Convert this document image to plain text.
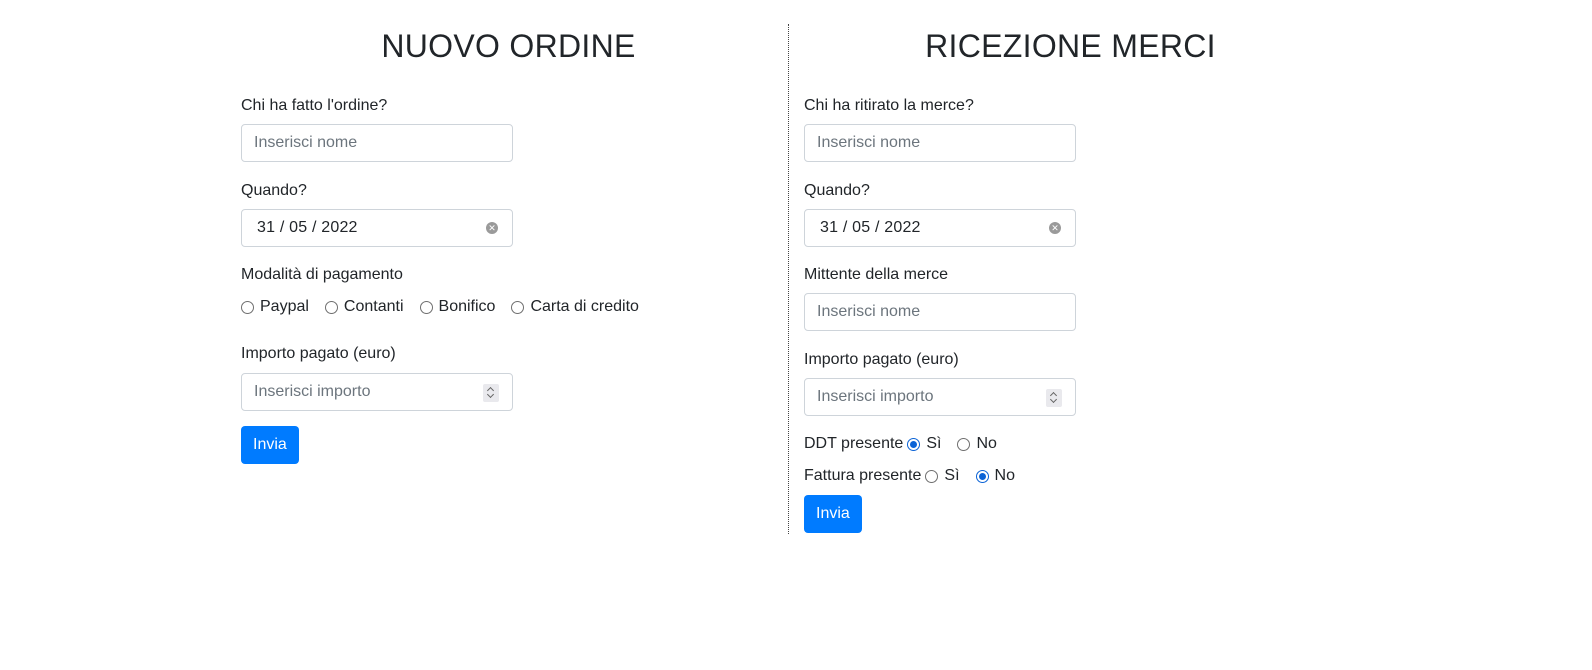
NUOVO ORDINE
Chi ha fatto l'ordine?
Inserisci nome
Quando?
31 / 05 / 2022	✕
Modalità di pagamento
Paypal Contanti Bonifico Carta di credito
Importo pagato (euro)
Inserisci importo
Invia
RICEZIONE MERCI
Chi ha ritirato la merce?
Inserisci nome
Quando?
31 / 05 / 2022	✕
Mittente della merce
Inserisci nome
Importo pagato (euro)
Inserisci importo
DDT presente Sì No
Fattura presente Sì No
Invia
